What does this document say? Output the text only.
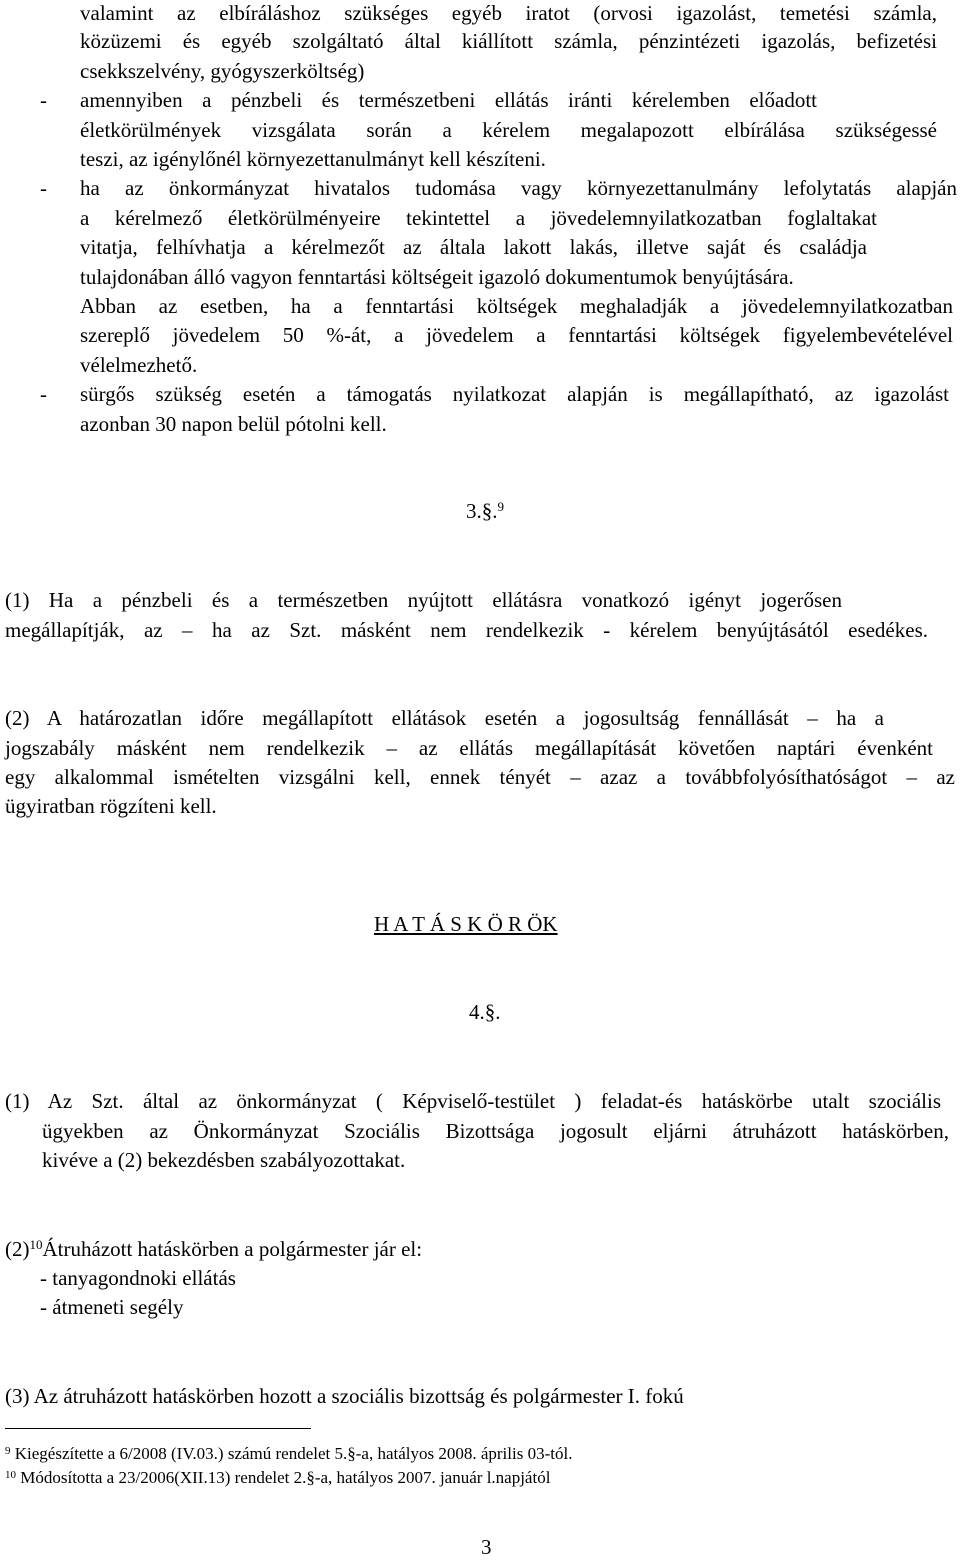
valamint az elbíráláshoz szükséges egyéb iratot (orvosi igazolást, temetési számla,
közüzemi és egyéb szolgáltató által kiállított számla, pénzintézeti igazolás, befizetési
csekkszelvény, gyógyszerköltség)
- amennyiben a pénzbeli és természetbeni ellátás iránti kérelemben előadott
életkörülmények vizsgálata során a kérelem megalapozott elbírálása szükségessé
teszi, az igénylőnél környezettanulmányt kell készíteni.
- ha az önkormányzat hivatalos tudomása vagy környezettanulmány lefolytatás alapján
a kérelmező életkörülményeire tekintettel a jövedelemnyilatkozatban foglaltakat
vitatja, felhívhatja a kérelmezőt az általa lakott lakás, illetve saját és családja
tulajdonában álló vagyon fenntartási költségeit igazoló dokumentumok benyújtására.
Abban az esetben, ha a fenntartási költségek meghaladják a jövedelemnyilatkozatban
szereplő jövedelem 50 %-át, a jövedelem a fenntartási költségek figyelembevételével
vélelmezhető.
- sürgős szükség esetén a támogatás nyilatkozat alapján is megállapítható, az igazolást
azonban 30 napon belül pótolni kell.
3.§.$^9$
(1) Ha a pénzbeli és a természetben nyújtott ellátásra vonatkozó igényt jogerősen
megállapítják, az – ha az Szt. másként nem rendelkezik - kérelem benyújtásától esedékes.
(2) A határozatlan időre megállapított ellátások esetén a jogosultság fennállását – ha a
jogszabály másként nem rendelkezik – az ellátás megállapítását követően naptári évenként
egy alkalommal ismételten vizsgálni kell, ennek tényét – azaz a továbbfolyósíthatóságot – az
ügyiratban rögzíteni kell.
H A T Á S K Ö R ÖK
4.§.
(1) Az Szt. által az önkormányzat ( Képviselő-testület ) feladat-és hatáskörbe utalt szociális
ügyekben az Önkormányzat Szociális Bizottsága jogosult eljárni átruházott hatáskörben,
kivéve a (2) bekezdésben szabályozottakat.
$(2)^{10}Átruházott$ hatáskörben a polgármester jár el:
- tanyagondnoki ellátás
- átmeneti segély
(3) Az átruházott hatáskörben hozott a szociális bizottság és polgármester I. fokú
$^9$ Kiegészítette a 6/2008 (IV.03.) számú rendelet 5.§-a, hatályos 2008. április 03-tól.
$^{10}$ Módosította a 23/2006(XII.13) rendelet 2.§-a, hatályos 2007. január l.napjától
3
